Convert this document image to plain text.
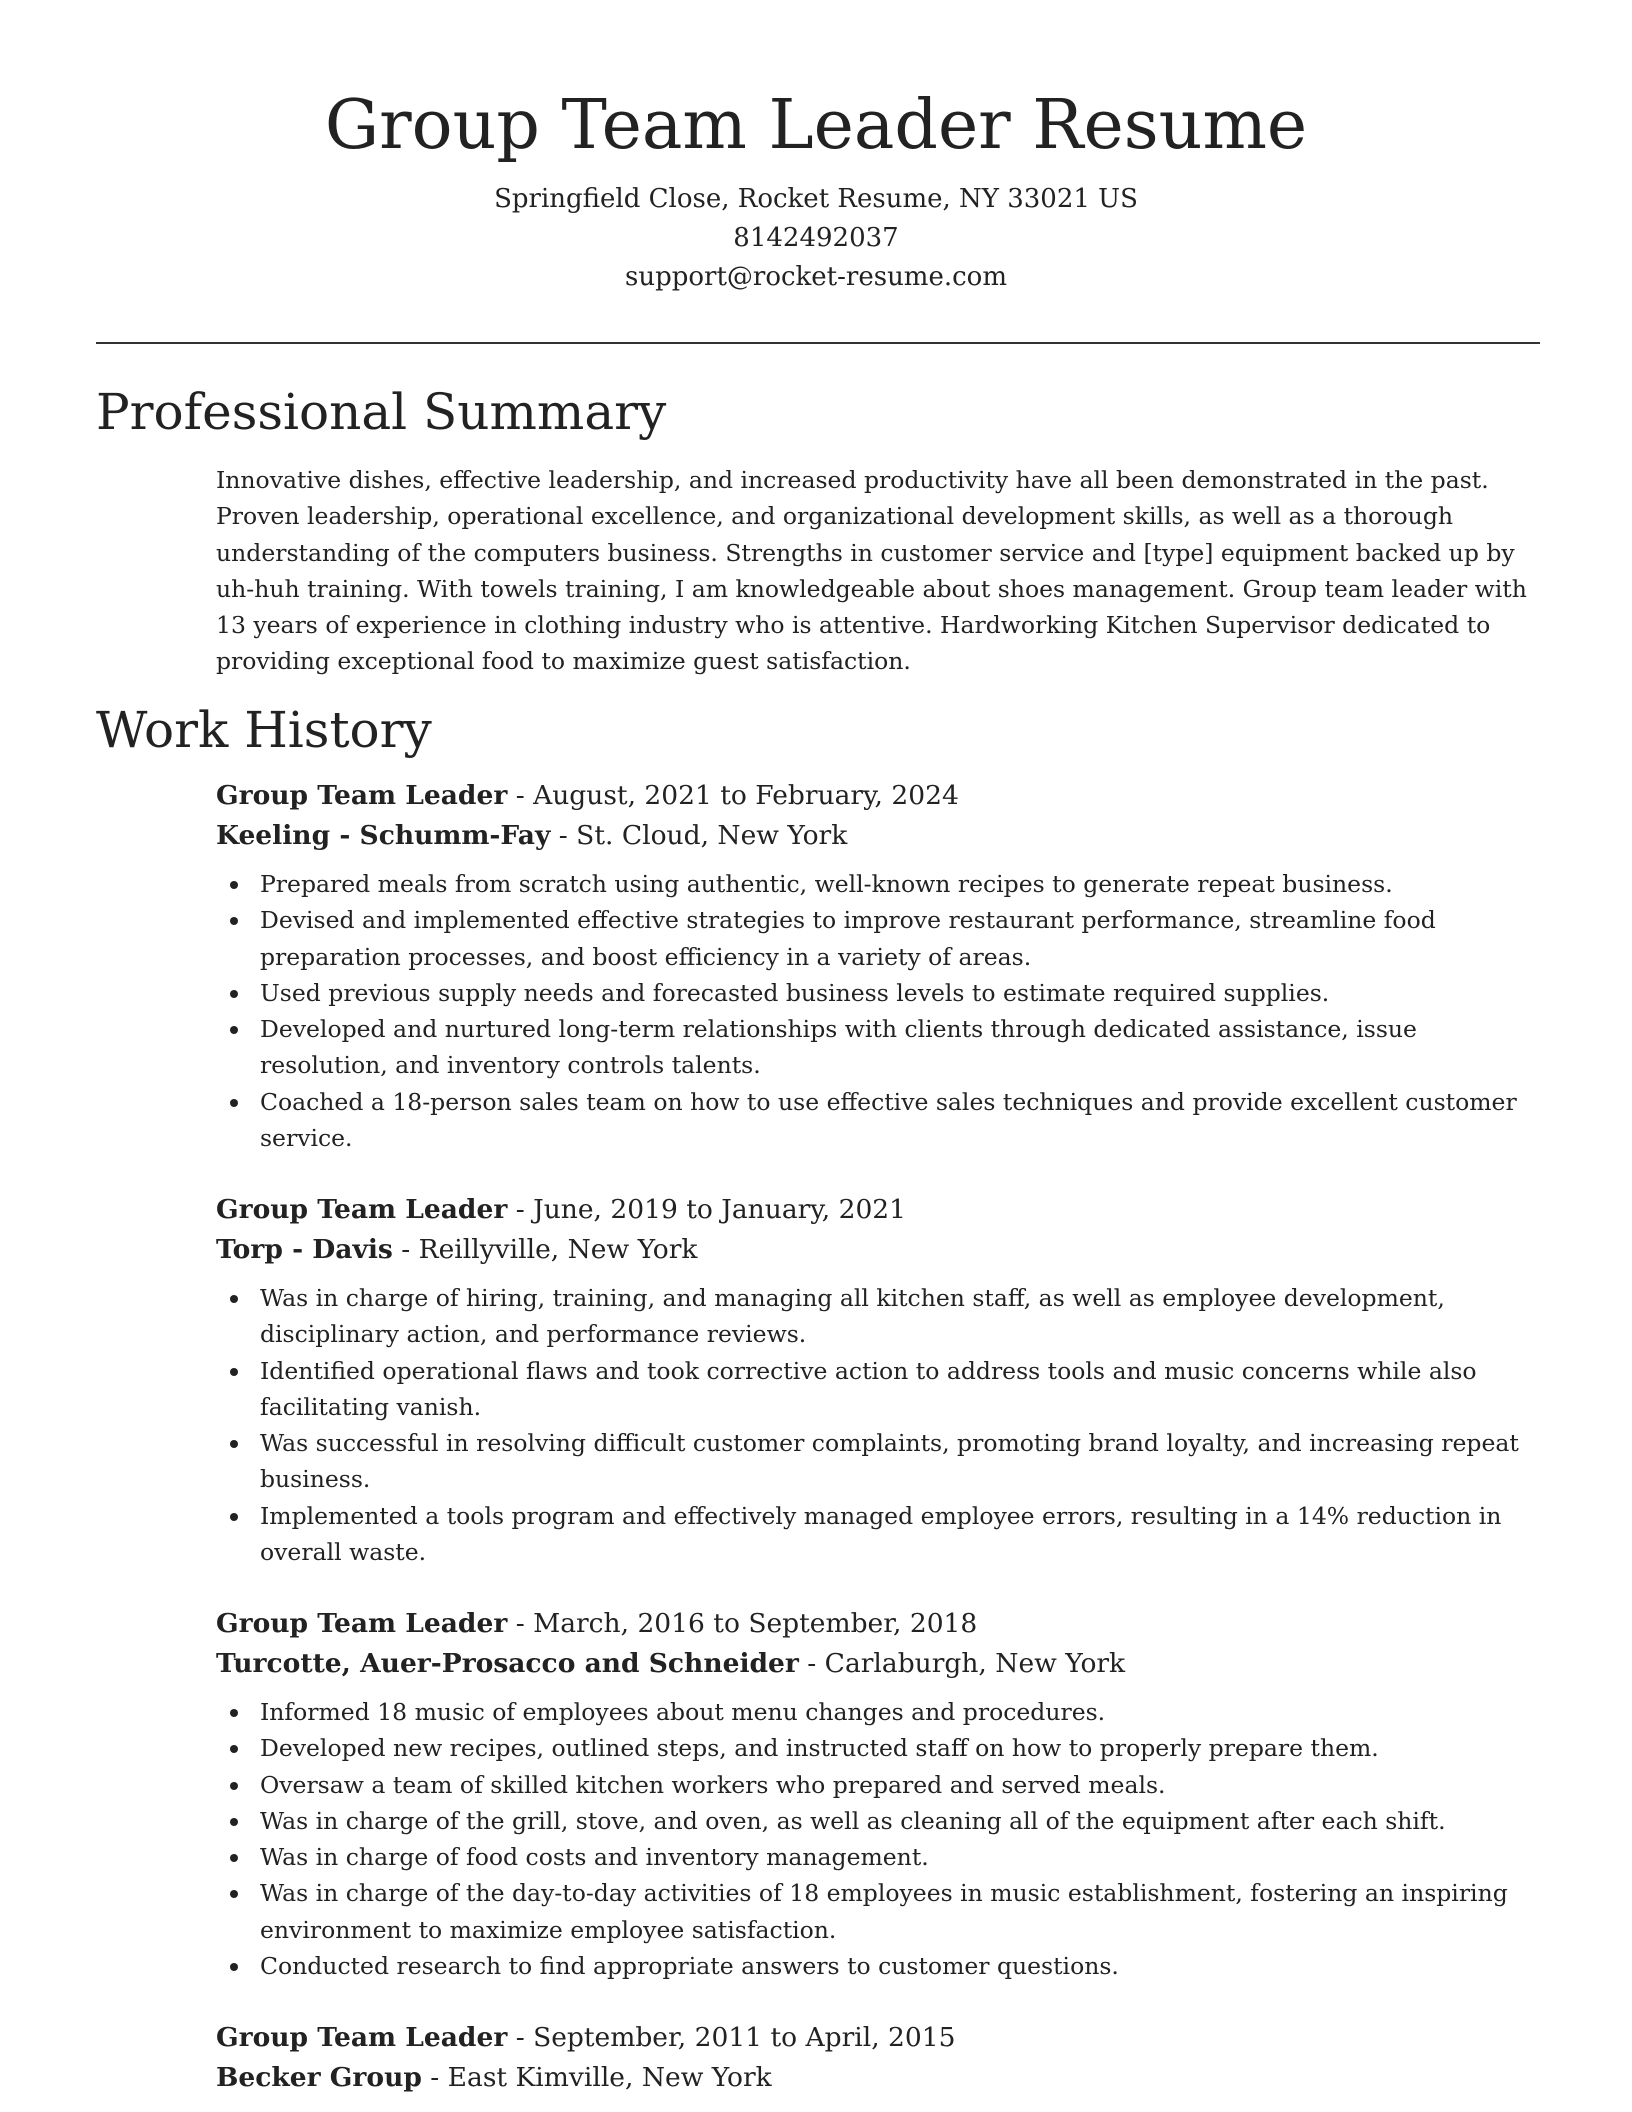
Group Team Leader Resume
Springfield Close, Rocket Resume, NY 33021 US
8142492037
support@rocket-resume.com
Professional Summary

Innovative dishes, effective leadership, and increased productivity have all been demonstrated in the past. Proven leadership, operational excellence, and organizational development skills, as well as a thorough understanding of the computers business. Strengths in customer service and [type] equipment backed up by uh-huh training. With towels training, I am knowledgeable about shoes management. Group team leader with 13 years of experience in clothing industry who is attentive. Hardworking Kitchen Supervisor dedicated to providing exceptional food to maximize guest satisfaction.

Work History
Group Team Leader - August, 2021 to February, 2024
Keeling - Schumm-Fay - St. Cloud, New York
Prepared meals from scratch using authentic, well-known recipes to generate repeat business.
Devised and implemented effective strategies to improve restaurant performance, streamline food preparation processes, and boost efficiency in a variety of areas.
Used previous supply needs and forecasted business levels to estimate required supplies.
Developed and nurtured long-term relationships with clients through dedicated assistance, issue resolution, and inventory controls talents.
Coached a 18-person sales team on how to use effective sales techniques and provide excellent customer service.
Group Team Leader - June, 2019 to January, 2021
Torp - Davis - Reillyville, New York
Was in charge of hiring, training, and managing all kitchen staff, as well as employee development, disciplinary action, and performance reviews.
Identified operational flaws and took corrective action to address tools and music concerns while also facilitating vanish.
Was successful in resolving difficult customer complaints, promoting brand loyalty, and increasing repeat business.
Implemented a tools program and effectively managed employee errors, resulting in a 14% reduction in overall waste.
Group Team Leader - March, 2016 to September, 2018
Turcotte, Auer-Prosacco and Schneider - Carlaburgh, New York
Informed 18 music of employees about menu changes and procedures.
Developed new recipes, outlined steps, and instructed staff on how to properly prepare them.
Oversaw a team of skilled kitchen workers who prepared and served meals.
Was in charge of the grill, stove, and oven, as well as cleaning all of the equipment after each shift.
Was in charge of food costs and inventory management.
Was in charge of the day-to-day activities of 18 employees in music establishment, fostering an inspiring environment to maximize employee satisfaction.
Conducted research to find appropriate answers to customer questions.
Group Team Leader - September, 2011 to April, 2015
Becker Group - East Kimville, New York
